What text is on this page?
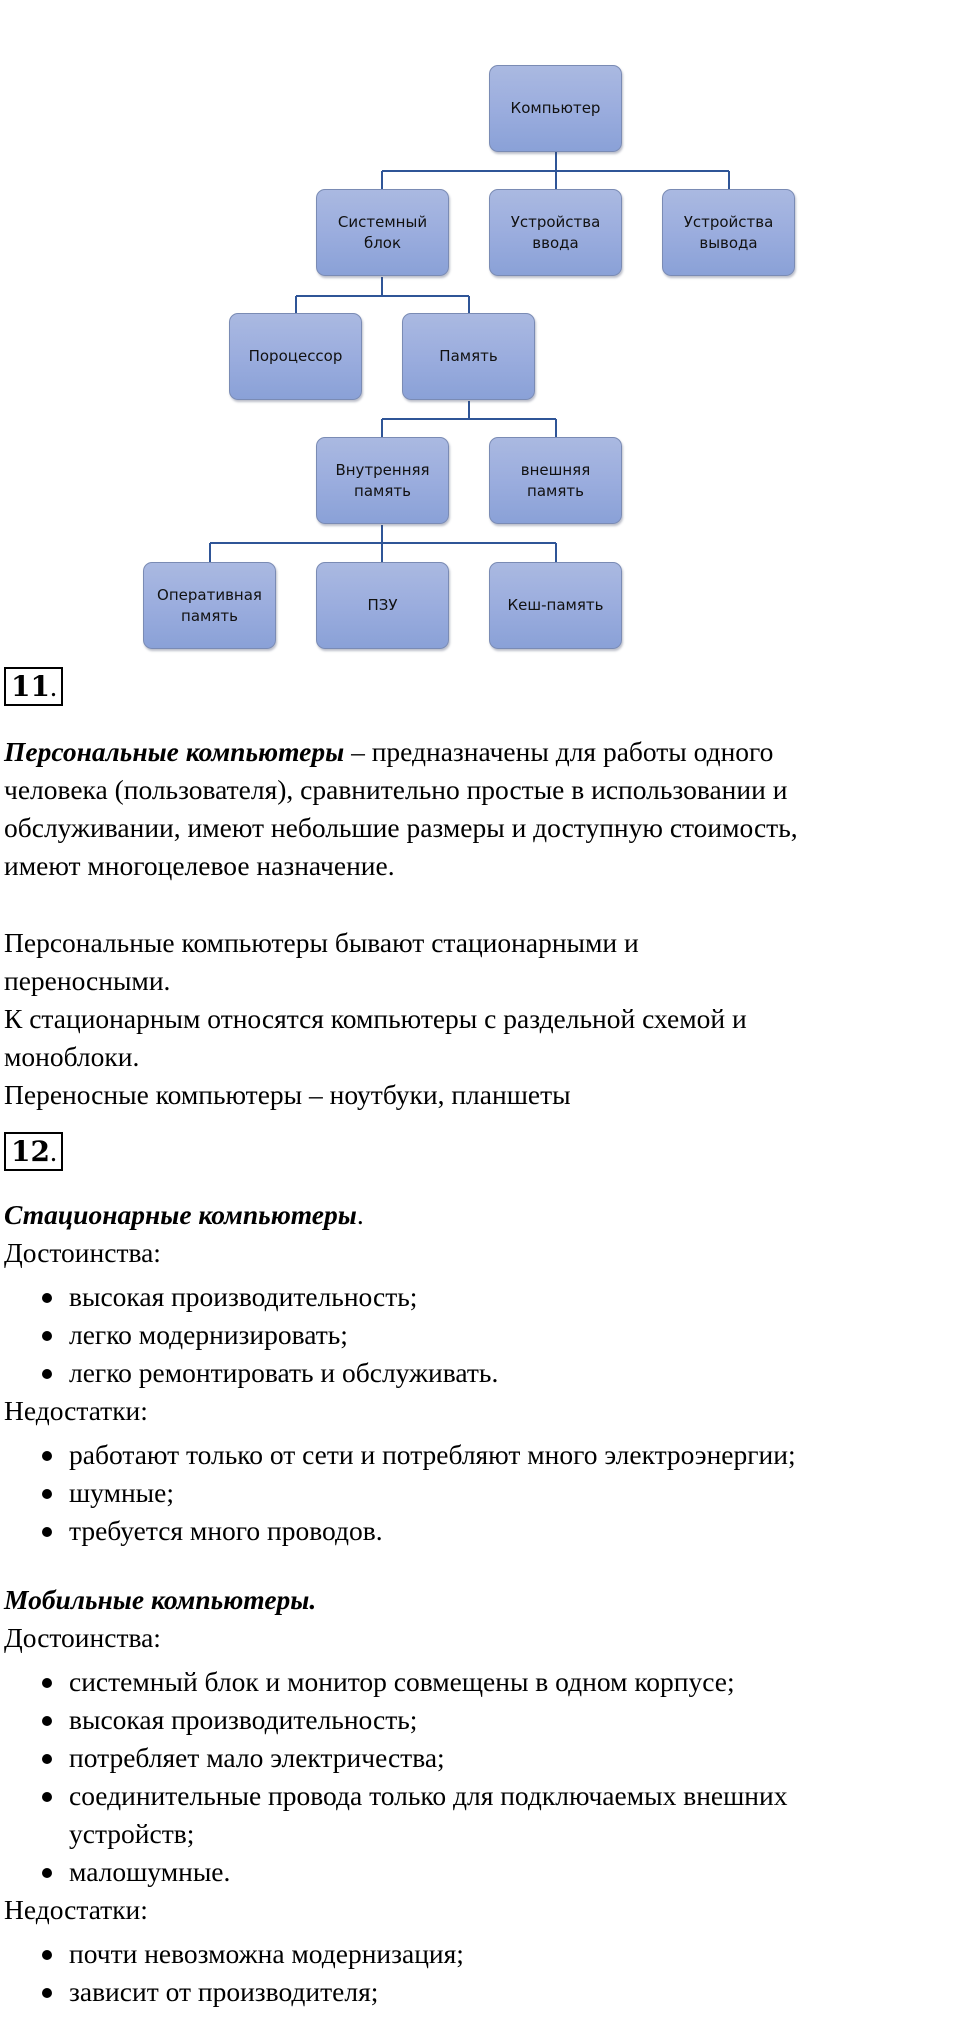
Компьютер
Системный блок
Устройства ввода
Устройства вывода
Пороцессор	Память
Внутренняя память
внешняя память
Оперативная память
ПЗУ	Кеш-память
11.
Персональные компьютеры – предназначены для работы одного
человека (пользователя), сравнительно простые в использовании и
обслуживании, имеют небольшие размеры и доступную стоимость,
имеют многоцелевое назначение.
Персональные компьютеры бывают стационарными и
переносными.
К стационарным относятся компьютеры с раздельной схемой и
моноблоки.
Переносные компьютеры – ноутбуки, планшеты
12.
Стационарные компьютеры.
Достоинства:
высокая производительность;
легко модернизировать;
легко ремонтировать и обслуживать.
Недостатки:
работают только от сети и потребляют много электроэнергии;
шумные;
требуется много проводов.
Мобильные компьютеры.
Достоинства:
системный блок и монитор совмещены в одном корпусе;
высокая производительность;
потребляет мало электричества;
соединительные провода только для подключаемых внешних
устройств;
малошумные.
Недостатки:
почти невозможна модернизация;
зависит от производителя;
